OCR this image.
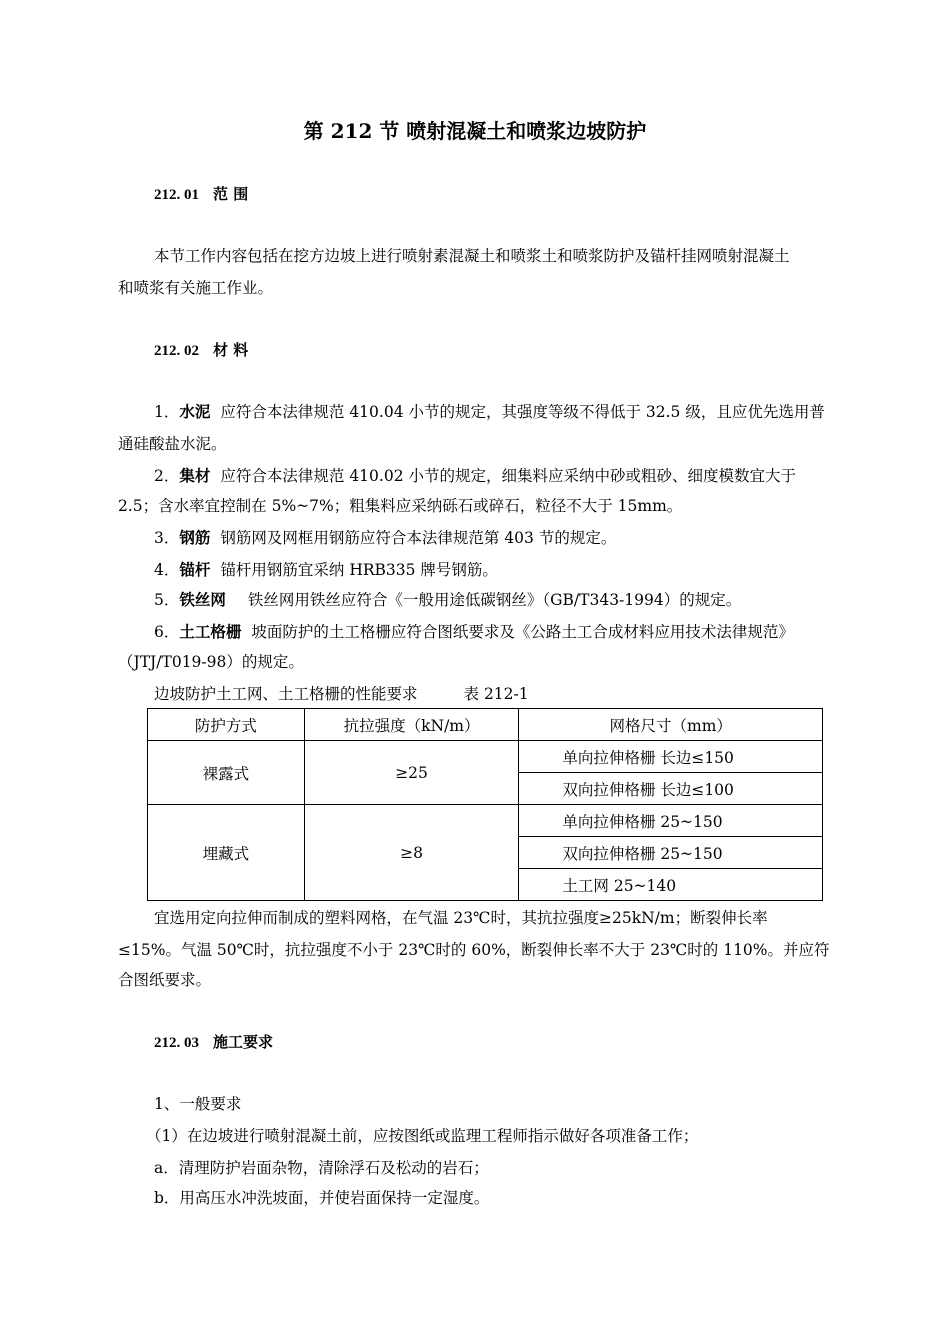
第 212 节 喷射混凝土和喷浆边坡防护
212. 01 范 围
本节工作内容包括在挖方边坡上进行喷射素混凝土和喷浆土和喷浆防护及锚杆挂网喷射混凝土
和喷浆有关施工作业。
212. 02 材 料
1．水泥 应符合本法律规范 410.04 小节的规定，其强度等级不得低于 32.5 级，且应优先选用普
通硅酸盐水泥。
2．集材 应符合本法律规范 410.02 小节的规定，细集料应采纳中砂或粗砂、细度模数宜大于
2.5；含水率宜控制在 5%~7%；粗集料应采纳砾石或碎石，粒径不大于 15mm。
3．钢筋 钢筋网及网框用钢筋应符合本法律规范第 403 节的规定。
4．锚杆 锚杆用钢筋宜采纳 HRB335 牌号钢筋。
5．铁丝网 铁丝网用铁丝应符合《一般用途低碳钢丝》（GB/T343-1994）的规定。
6．土工格栅 坡面防护的土工格栅应符合图纸要求及《公路土工合成材料应用技术法律规范》
（JTJ/T019-98）的规定。
边坡防护土工网、土工格栅的性能要求	表 212-1
防护方式	抗拉强度（kN/m）	网格尺寸（mm）
裸露式	≥25	单向拉伸格栅 长边≤150
		双向拉伸格栅 长边≤100
埋藏式	≥8	单向拉伸格栅 25~150
		双向拉伸格栅 25~150
		土工网 25~140
宜选用定向拉伸而制成的塑料网格，在气温 23℃时，其抗拉强度≥25kN/m；断裂伸长率
≤15%。气温 50℃时，抗拉强度不小于 23℃时的 60%，断裂伸长率不大于 23℃时的 110%。并应符
合图纸要求。
212. 03 施工要求
1、一般要求
（1）在边坡进行喷射混凝土前，应按图纸或监理工程师指示做好各项准备工作；
a．清理防护岩面杂物，清除浮石及松动的岩石；
b．用高压水冲洗坡面，并使岩面保持一定湿度。
